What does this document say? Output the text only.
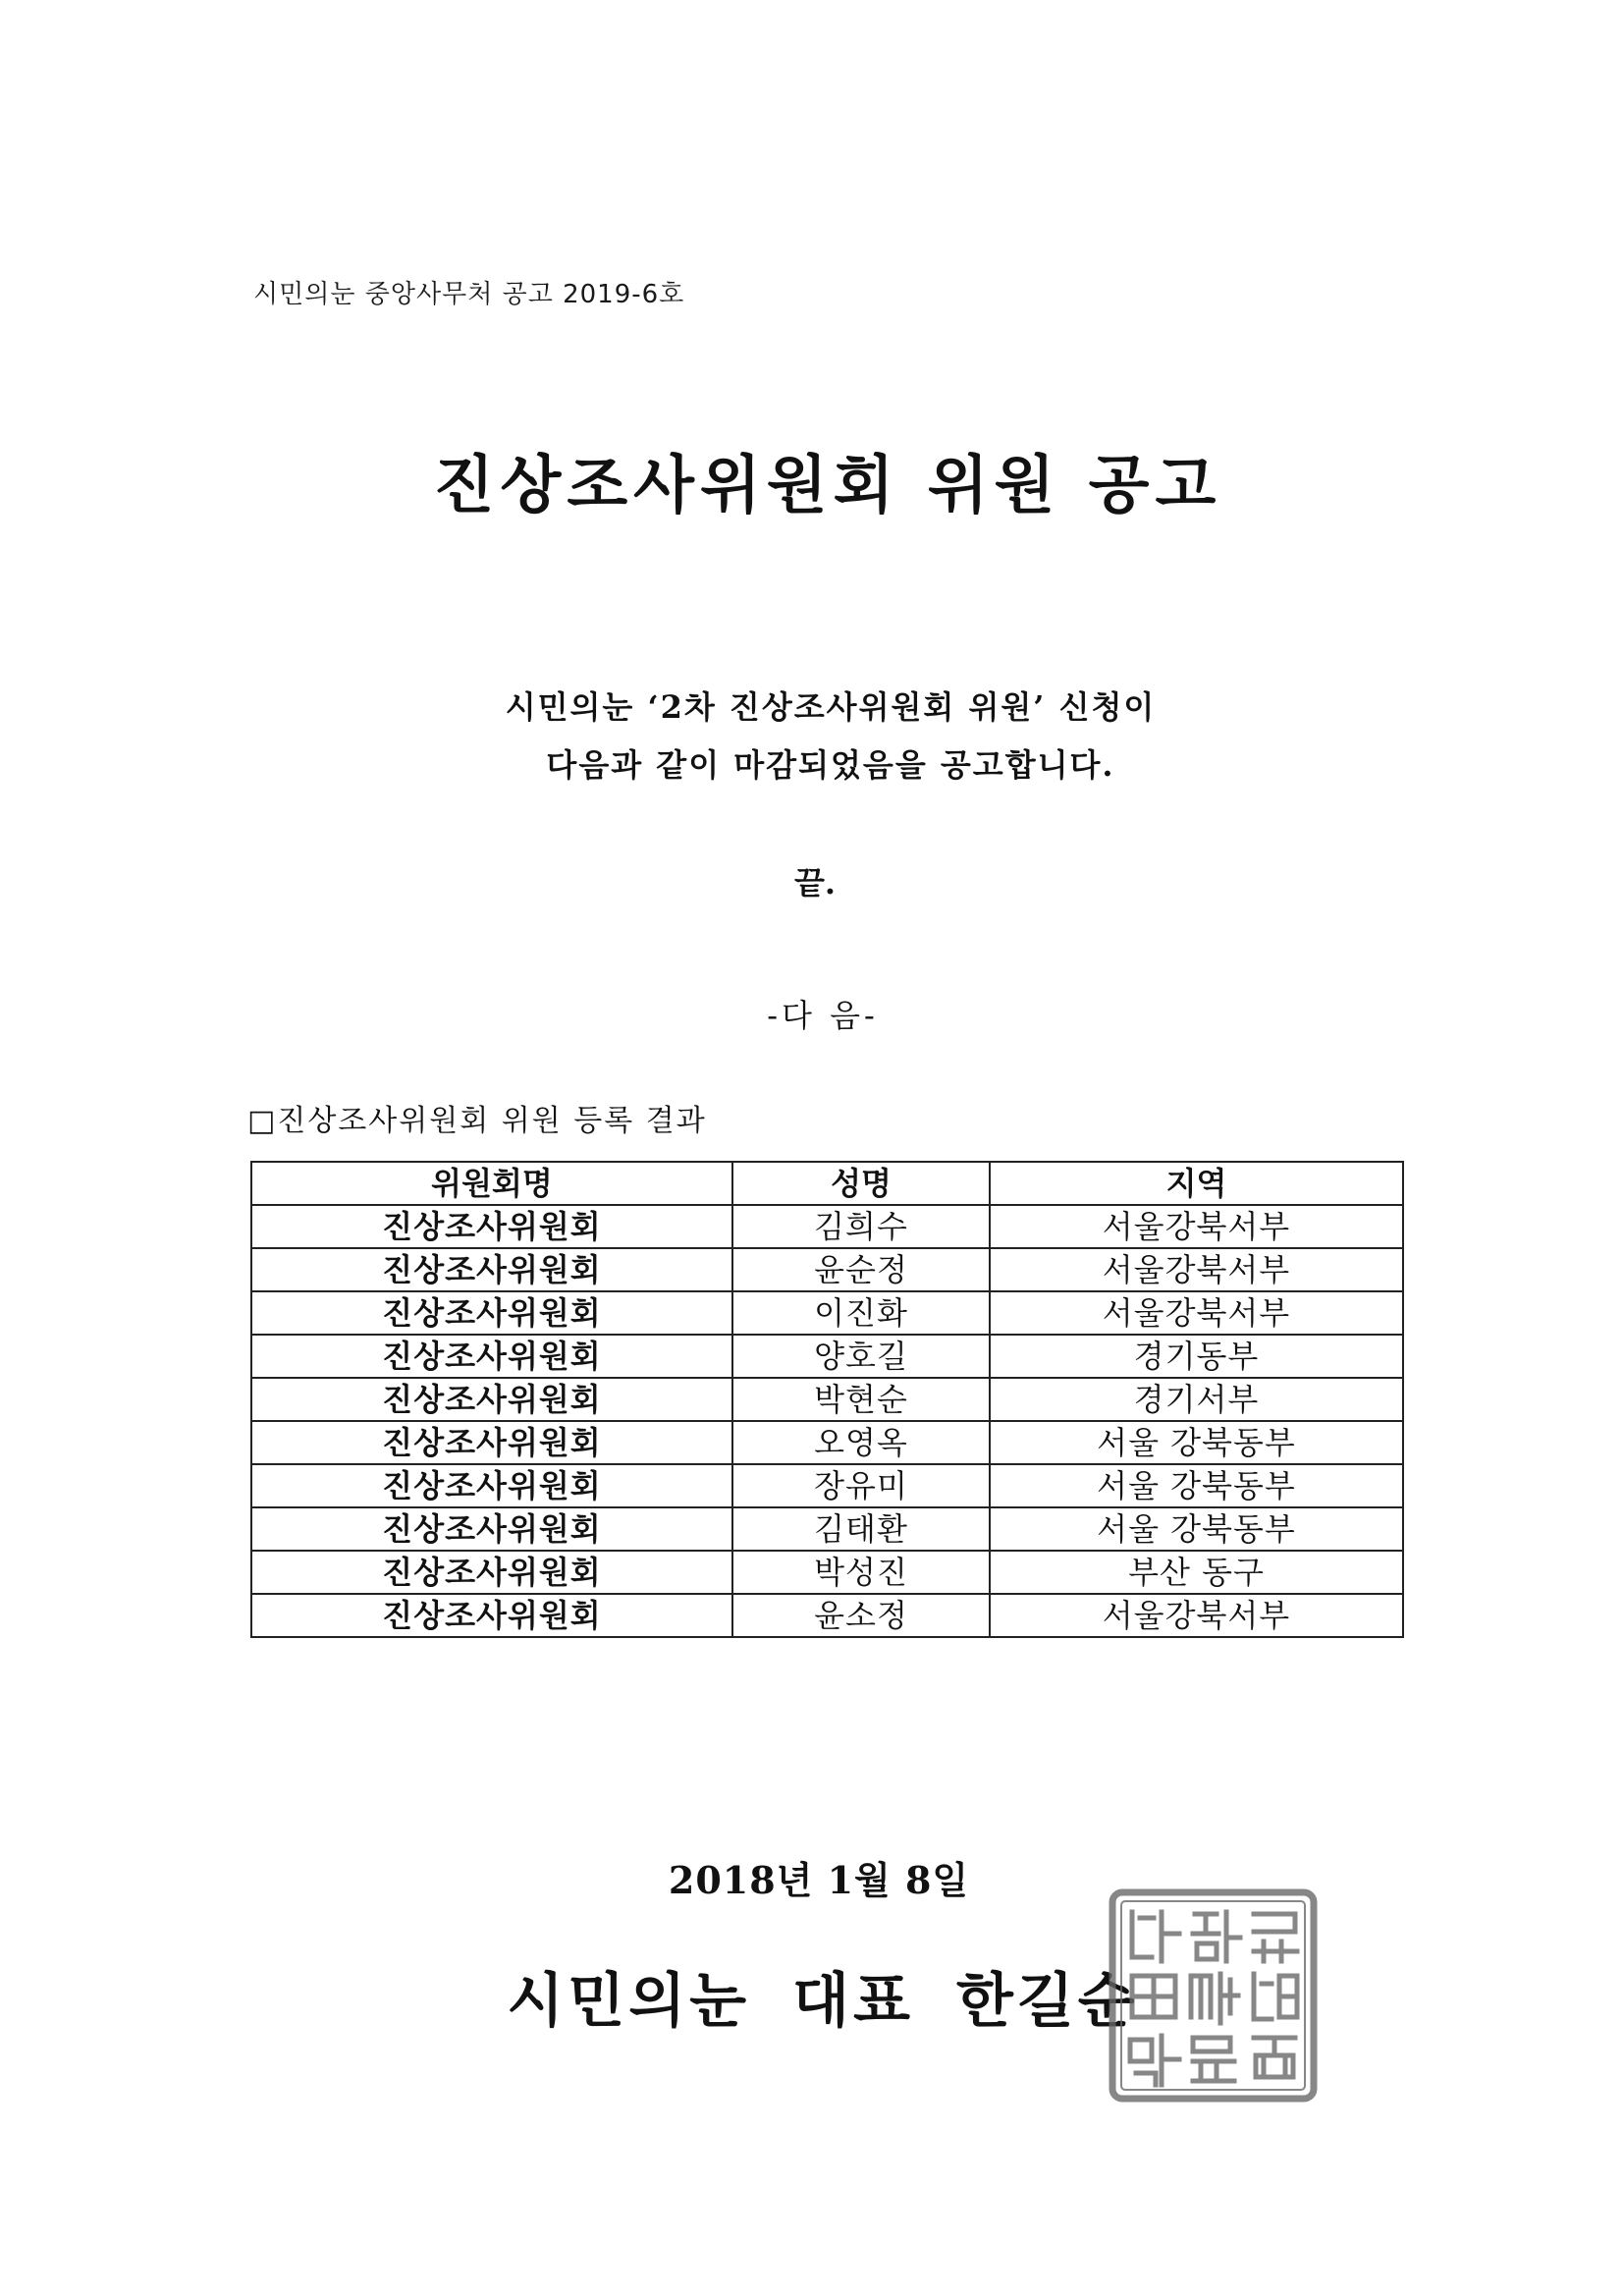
시민의눈 중앙사무처 공고 2019-6호
진상조사위원회 위원 공고
시민의눈 ‘2차 진상조사위원회 위원’ 신청이
다음과 같이 마감되었음을 공고합니다.
끝.
-다 음-
□진상조사위원회 위원 등록 결과
위원회명	성명	지역
진상조사위원회	김희수	서울강북서부
진상조사위원회	윤순정	서울강북서부
진상조사위원회	이진화	서울강북서부
진상조사위원회	양호길	경기동부
진상조사위원회	박현순	경기서부
진상조사위원회	오영옥	서울 강북동부
진상조사위원회	장유미	서울 강북동부
진상조사위원회	김태환	서울 강북동부
진상조사위원회	박성진	부산 동구
진상조사위원회	윤소정	서울강북서부
2018년 1월 8일
시민의눈 대표 한길순
